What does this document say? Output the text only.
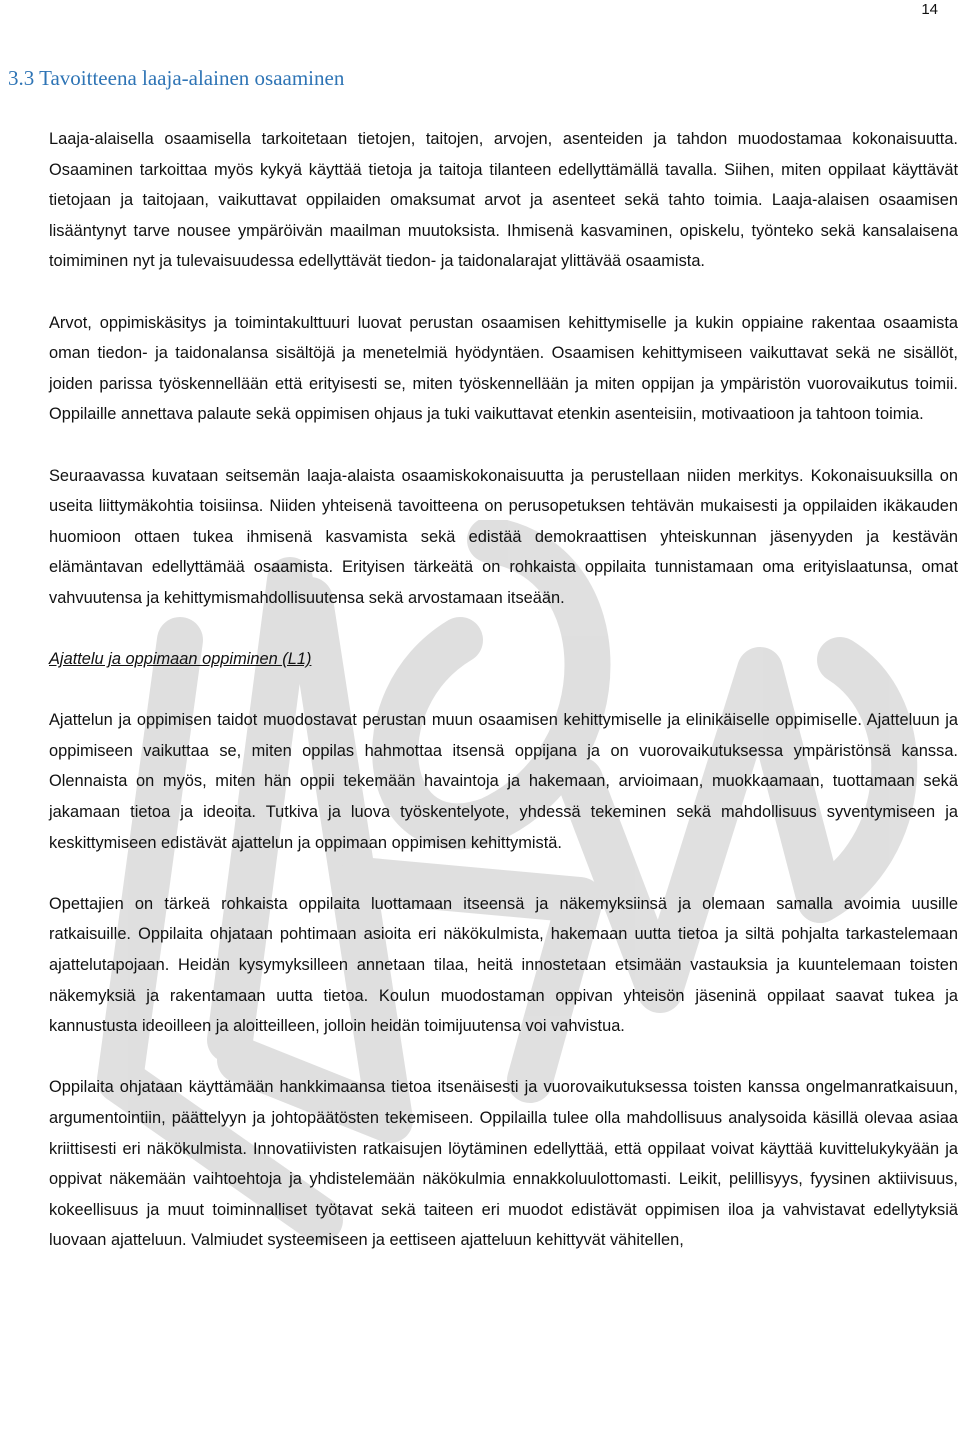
14
3.3 Tavoitteena laaja-alainen osaaminen

Laaja-alaisella osaamisella tarkoitetaan tietojen, taitojen, arvojen, asenteiden ja tahdon muodostamaa kokonaisuutta. Osaaminen tarkoittaa myös kykyä käyttää tietoja ja taitoja tilanteen edellyttämällä tavalla. Siihen, miten oppilaat käyttävät tietojaan ja taitojaan, vaikuttavat oppilaiden omaksumat arvot ja asenteet sekä tahto toimia. Laaja-alaisen osaamisen lisääntynyt tarve nousee ympäröivän maailman muutoksista. Ihmisenä kasvaminen, opiskelu, työnteko sekä kansalaisena toimiminen nyt ja tulevaisuudessa edellyttävät tiedon- ja taidonalarajat ylittävää osaamista.

Arvot, oppimiskäsitys ja toimintakulttuuri luovat perustan osaamisen kehittymiselle ja kukin oppiaine rakentaa osaamista oman tiedon- ja taidonalansa sisältöjä ja menetelmiä hyödyntäen. Osaamisen kehittymiseen vaikuttavat sekä ne sisällöt, joiden parissa työskennellään että erityisesti se, miten työskennellään ja miten oppijan ja ympäristön vuorovaikutus toimii. Oppilaille annettava palaute sekä oppimisen ohjaus ja tuki vaikuttavat etenkin asenteisiin, motivaatioon ja tahtoon toimia.

Seuraavassa kuvataan seitsemän laaja-alaista osaamiskokonaisuutta ja perustellaan niiden merkitys. Kokonaisuuksilla on useita liittymäkohtia toisiinsa. Niiden yhteisenä tavoitteena on perusopetuksen tehtävän mukaisesti ja oppilaiden ikäkauden huomioon ottaen tukea ihmisenä kasvamista sekä edistää demokraattisen yhteiskunnan jäsenyyden ja kestävän elämäntavan edellyttämää osaamista. Erityisen tärkeätä on rohkaista oppilaita tunnistamaan oma erityislaatunsa, omat vahvuutensa ja kehittymismahdollisuutensa sekä arvostamaan itseään.

Ajattelu ja oppimaan oppiminen (L1)

Ajattelun ja oppimisen taidot muodostavat perustan muun osaamisen kehittymiselle ja elinikäiselle oppimiselle. Ajatteluun ja oppimiseen vaikuttaa se, miten oppilas hahmottaa itsensä oppijana ja on vuorovaikutuksessa ympäristönsä kanssa. Olennaista on myös, miten hän oppii tekemään havaintoja ja hakemaan, arvioimaan, muokkaamaan, tuottamaan sekä jakamaan tietoa ja ideoita. Tutkiva ja luova työskentelyote, yhdessä tekeminen sekä mahdollisuus syventymiseen ja keskittymiseen edistävät ajattelun ja oppimaan oppimisen kehittymistä.

Opettajien on tärkeä rohkaista oppilaita luottamaan itseensä ja näkemyksiinsä ja olemaan samalla avoimia uusille ratkaisuille. Oppilaita ohjataan pohtimaan asioita eri näkökulmista, hakemaan uutta tietoa ja siltä pohjalta tarkastelemaan ajattelutapojaan. Heidän kysymyksilleen annetaan tilaa, heitä innostetaan etsimään vastauksia ja kuuntelemaan toisten näkemyksiä ja rakentamaan uutta tietoa. Koulun muodostaman oppivan yhteisön jäseninä oppilaat saavat tukea ja kannustusta ideoilleen ja aloitteilleen, jolloin heidän toimijuutensa voi vahvistua.

Oppilaita ohjataan käyttämään hankkimaansa tietoa itsenäisesti ja vuorovaikutuksessa toisten kanssa ongelmanratkaisuun, argumentointiin, päättelyyn ja johtopäätösten tekemiseen. Oppilailla tulee olla mahdollisuus analysoida käsillä olevaa asiaa kriittisesti eri näkökulmista. Innovatiivisten ratkaisujen löytäminen edellyttää, että oppilaat voivat käyttää kuvittelukykyään ja oppivat näkemään vaihtoehtoja ja yhdistelemään näkökulmia ennakkoluulottomasti. Leikit, pelillisyys, fyysinen aktiivisuus, kokeellisuus ja muut toiminnalliset työtavat sekä taiteen eri muodot edistävät oppimisen iloa ja vahvistavat edellytyksiä luovaan ajatteluun. Valmiudet systeemiseen ja eettiseen ajatteluun kehittyvät vähitellen,
